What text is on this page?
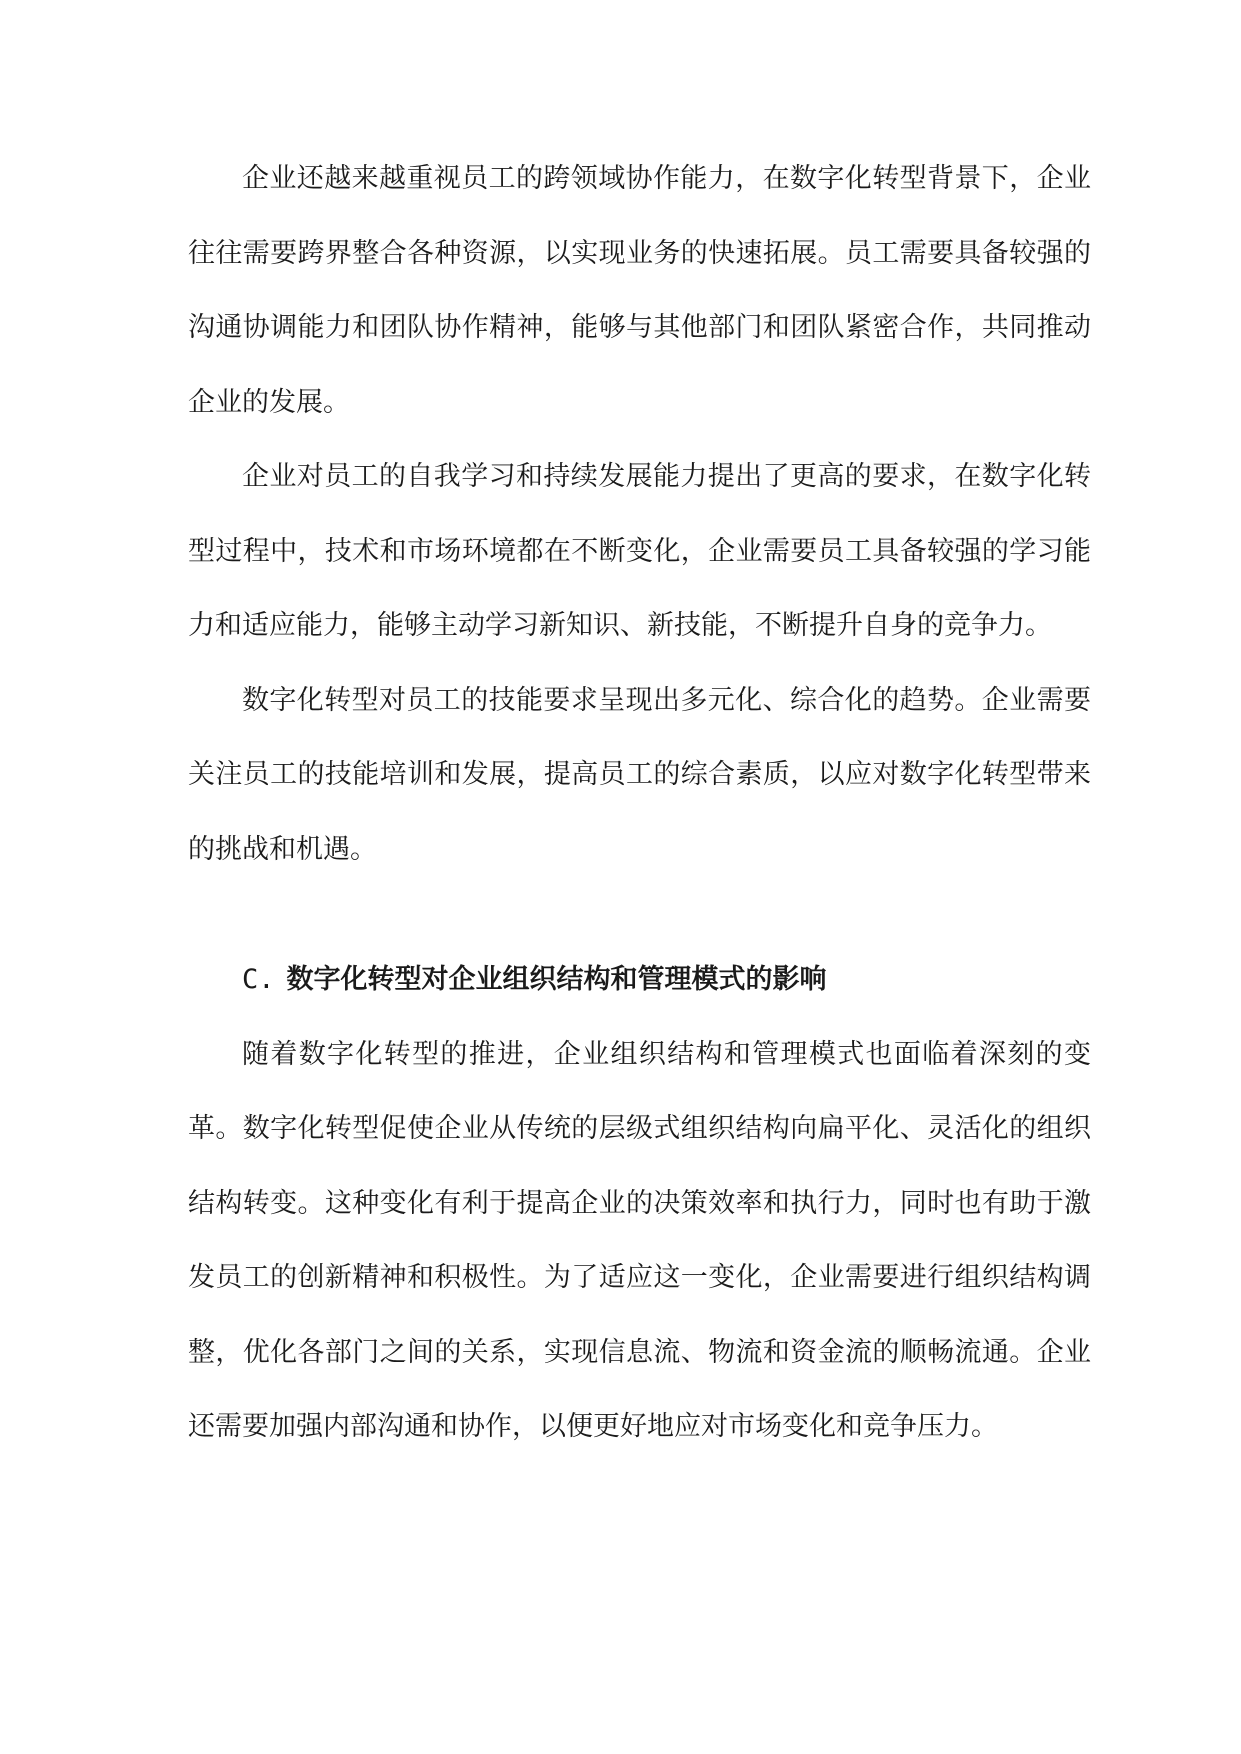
企业还越来越重视员工的跨领域协作能力，在数字化转型背景下，企业往往需要跨界整合各种资源，以实现业务的快速拓展。员工需要具备较强的沟通协调能力和团队协作精神，能够与其他部门和团队紧密合作，共同推动企业的发展。

企业对员工的自我学习和持续发展能力提出了更高的要求，在数字化转型过程中，技术和市场环境都在不断变化，企业需要员工具备较强的学习能力和适应能力，能够主动学习新知识、新技能，不断提升自身的竞争力。

数字化转型对员工的技能要求呈现出多元化、综合化的趋势。企业需要关注员工的技能培训和发展，提高员工的综合素质，以应对数字化转型带来的挑战和机遇。

C. 数字化转型对企业组织结构和管理模式的影响

随着数字化转型的推进，企业组织结构和管理模式也面临着深刻的变革。数字化转型促使企业从传统的层级式组织结构向扁平化、灵活化的组织结构转变。这种变化有利于提高企业的决策效率和执行力，同时也有助于激发员工的创新精神和积极性。为了适应这一变化，企业需要进行组织结构调整，优化各部门之间的关系，实现信息流、物流和资金流的顺畅流通。企业还需要加强内部沟通和协作，以便更好地应对市场变化和竞争压力。
